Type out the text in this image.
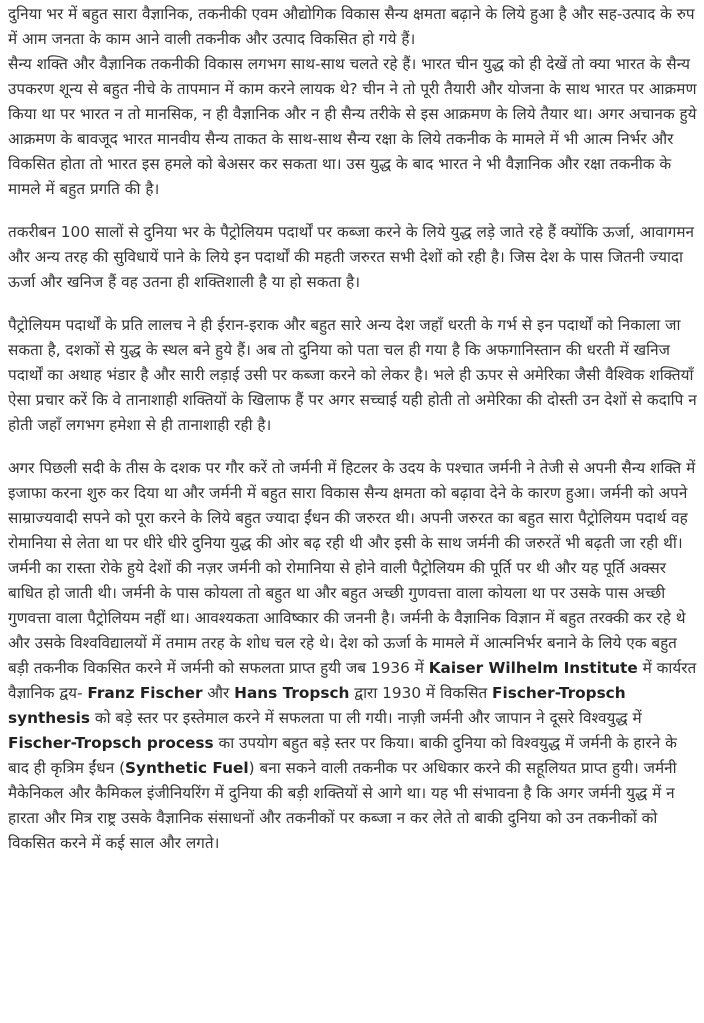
दुनिया भर में बहुत सारा वैज्ञानिक, तकनीकी एवम औद्योगिक विकास सैन्य क्षमता बढ़ाने के लिये हुआ है और सह-उत्पाद के रुप में आम जनता के काम आने वाली तकनीक और उत्पाद विकसित हो गये हैं।
सैन्य शक्ति और वैज्ञानिक तकनीकी विकास लगभग साथ-साथ चलते रहे हैं। भारत चीन युद्ध को ही देखें तो क्या भारत के सैन्य उपकरण शून्य से बहुत नीचे के तापमान में काम करने लायक थे? चीन ने तो पूरी तैयारी और योजना के साथ भारत पर आक्रमण किया था पर भारत न तो मानसिक, न ही वैज्ञानिक और न ही सैन्य तरीके से इस आक्रमण के लिये तैयार था। अगर अचानक हुये आक्रमण के बावजूद भारत मानवीय सैन्य ताकत के साथ-साथ सैन्य रक्षा के लिये तकनीक के मामले में भी आत्म निर्भर और विकसित होता तो भारत इस हमले को बेअसर कर सकता था। उस युद्ध के बाद भारत ने भी वैज्ञानिक और रक्षा तकनीक के मामले में बहुत प्रगति की है।

तकरीबन 100 सालों से दुनिया भर के पैट्रोलियम पदार्थों पर कब्जा करने के लिये युद्ध लड़े जाते रहे हैं क्योंकि ऊर्जा, आवागमन और अन्य तरह की सुविधायें पाने के लिये इन पदार्थों की महती जरुरत सभी देशों को रही है। जिस देश के पास जितनी ज्यादा ऊर्जा और खनिज हैं वह उतना ही शक्तिशाली है या हो सकता है।

पैट्रोलियम पदार्थों के प्रति लालच ने ही ईरान-इराक और बहुत सारे अन्य देश जहाँ धरती के गर्भ से इन पदार्थों को निकाला जा सकता है, दशकों से युद्ध के स्थल बने हुये हैं। अब तो दुनिया को पता चल ही गया है कि अफगानिस्तान की धरती में खनिज पदार्थों का अथाह भंडार है और सारी लड़ाई उसी पर कब्जा करने को लेकर है। भले ही ऊपर से अमेरिका जैसी वैश्विक शक्तियाँ ऐसा प्रचार करें कि वे तानाशाही शक्तियों के खिलाफ हैं पर अगर सच्चाई यही होती तो अमेरिका की दोस्ती उन देशों से कदापि न होती जहाँ लगभग हमेशा से ही तानाशाही रही है।

अगर पिछली सदी के तीस के दशक पर गौर करें तो जर्मनी में हिटलर के उदय के पश्चात जर्मनी ने तेजी से अपनी सैन्य शक्ति में इजाफा करना शुरु कर दिया था और जर्मनी में बहुत सारा विकास सैन्य क्षमता को बढ़ावा देने के कारण हुआ। जर्मनी को अपने साम्राज्यवादी सपने को पूरा करने के लिये बहुत ज्यादा ईंधन की जरुरत थी। अपनी जरुरत का बहुत सारा पैट्रोलियम पदार्थ वह रोमानिया से लेता था पर धीरे धीरे दुनिया युद्ध की ओर बढ़ रही थी और इसी के साथ जर्मनी की जरुरतें भी बढ़ती जा रही थीं। जर्मनी का रास्ता रोके हुये देशों की नज़र जर्मनी को रोमानिया से होने वाली पैट्रोलियम की पूर्ति पर थी और यह पूर्ति अक्सर बाधित हो जाती थी। जर्मनी के पास कोयला तो बहुत था और बहुत अच्छी गुणवत्ता वाला कोयला था पर उसके पास अच्छी गुणवत्ता वाला पैट्रोलियम नहीं था। आवश्यकता आविष्कार की जननी है। जर्मनी के वैज्ञानिक विज्ञान में बहुत तरक्की कर रहे थे और उसके विश्वविद्यालयों में तमाम तरह के शोध चल रहे थे। देश को ऊर्जा के मामले में आत्मनिर्भर बनाने के लिये एक बहुत बड़ी तकनीक विकसित करने में जर्मनी को सफलता प्राप्त हुयी जब 1936 में Kaiser Wilhelm Institute में कार्यरत वैज्ञानिक द्वय- Franz Fischer और Hans Tropsch द्वारा 1930 में विकसित Fischer-Tropsch synthesis को बड़े स्तर पर इस्तेमाल करने में सफलता पा ली गयी। नाज़ी जर्मनी और जापान ने दूसरे विश्वयुद्ध में Fischer-Tropsch process का उपयोग बहुत बड़े स्तर पर किया। बाकी दुनिया को विश्वयुद्ध में जर्मनी के हारने के बाद ही कृत्रिम ईंधन (Synthetic Fuel) बना सकने वाली तकनीक पर अधिकार करने की सहूलियत प्राप्त हुयी। जर्मनी मैकेनिकल और कैमिकल इंजीनियरिंग में दुनिया की बड़ी शक्तियों से आगे था। यह भी संभावना है कि अगर जर्मनी युद्ध में न हारता और मित्र राष्ट्र उसके वैज्ञानिक संसाधनों और तकनीकों पर कब्जा न कर लेते तो बाकी दुनिया को उन तकनीकों को विकसित करने में कई साल और लगते।
